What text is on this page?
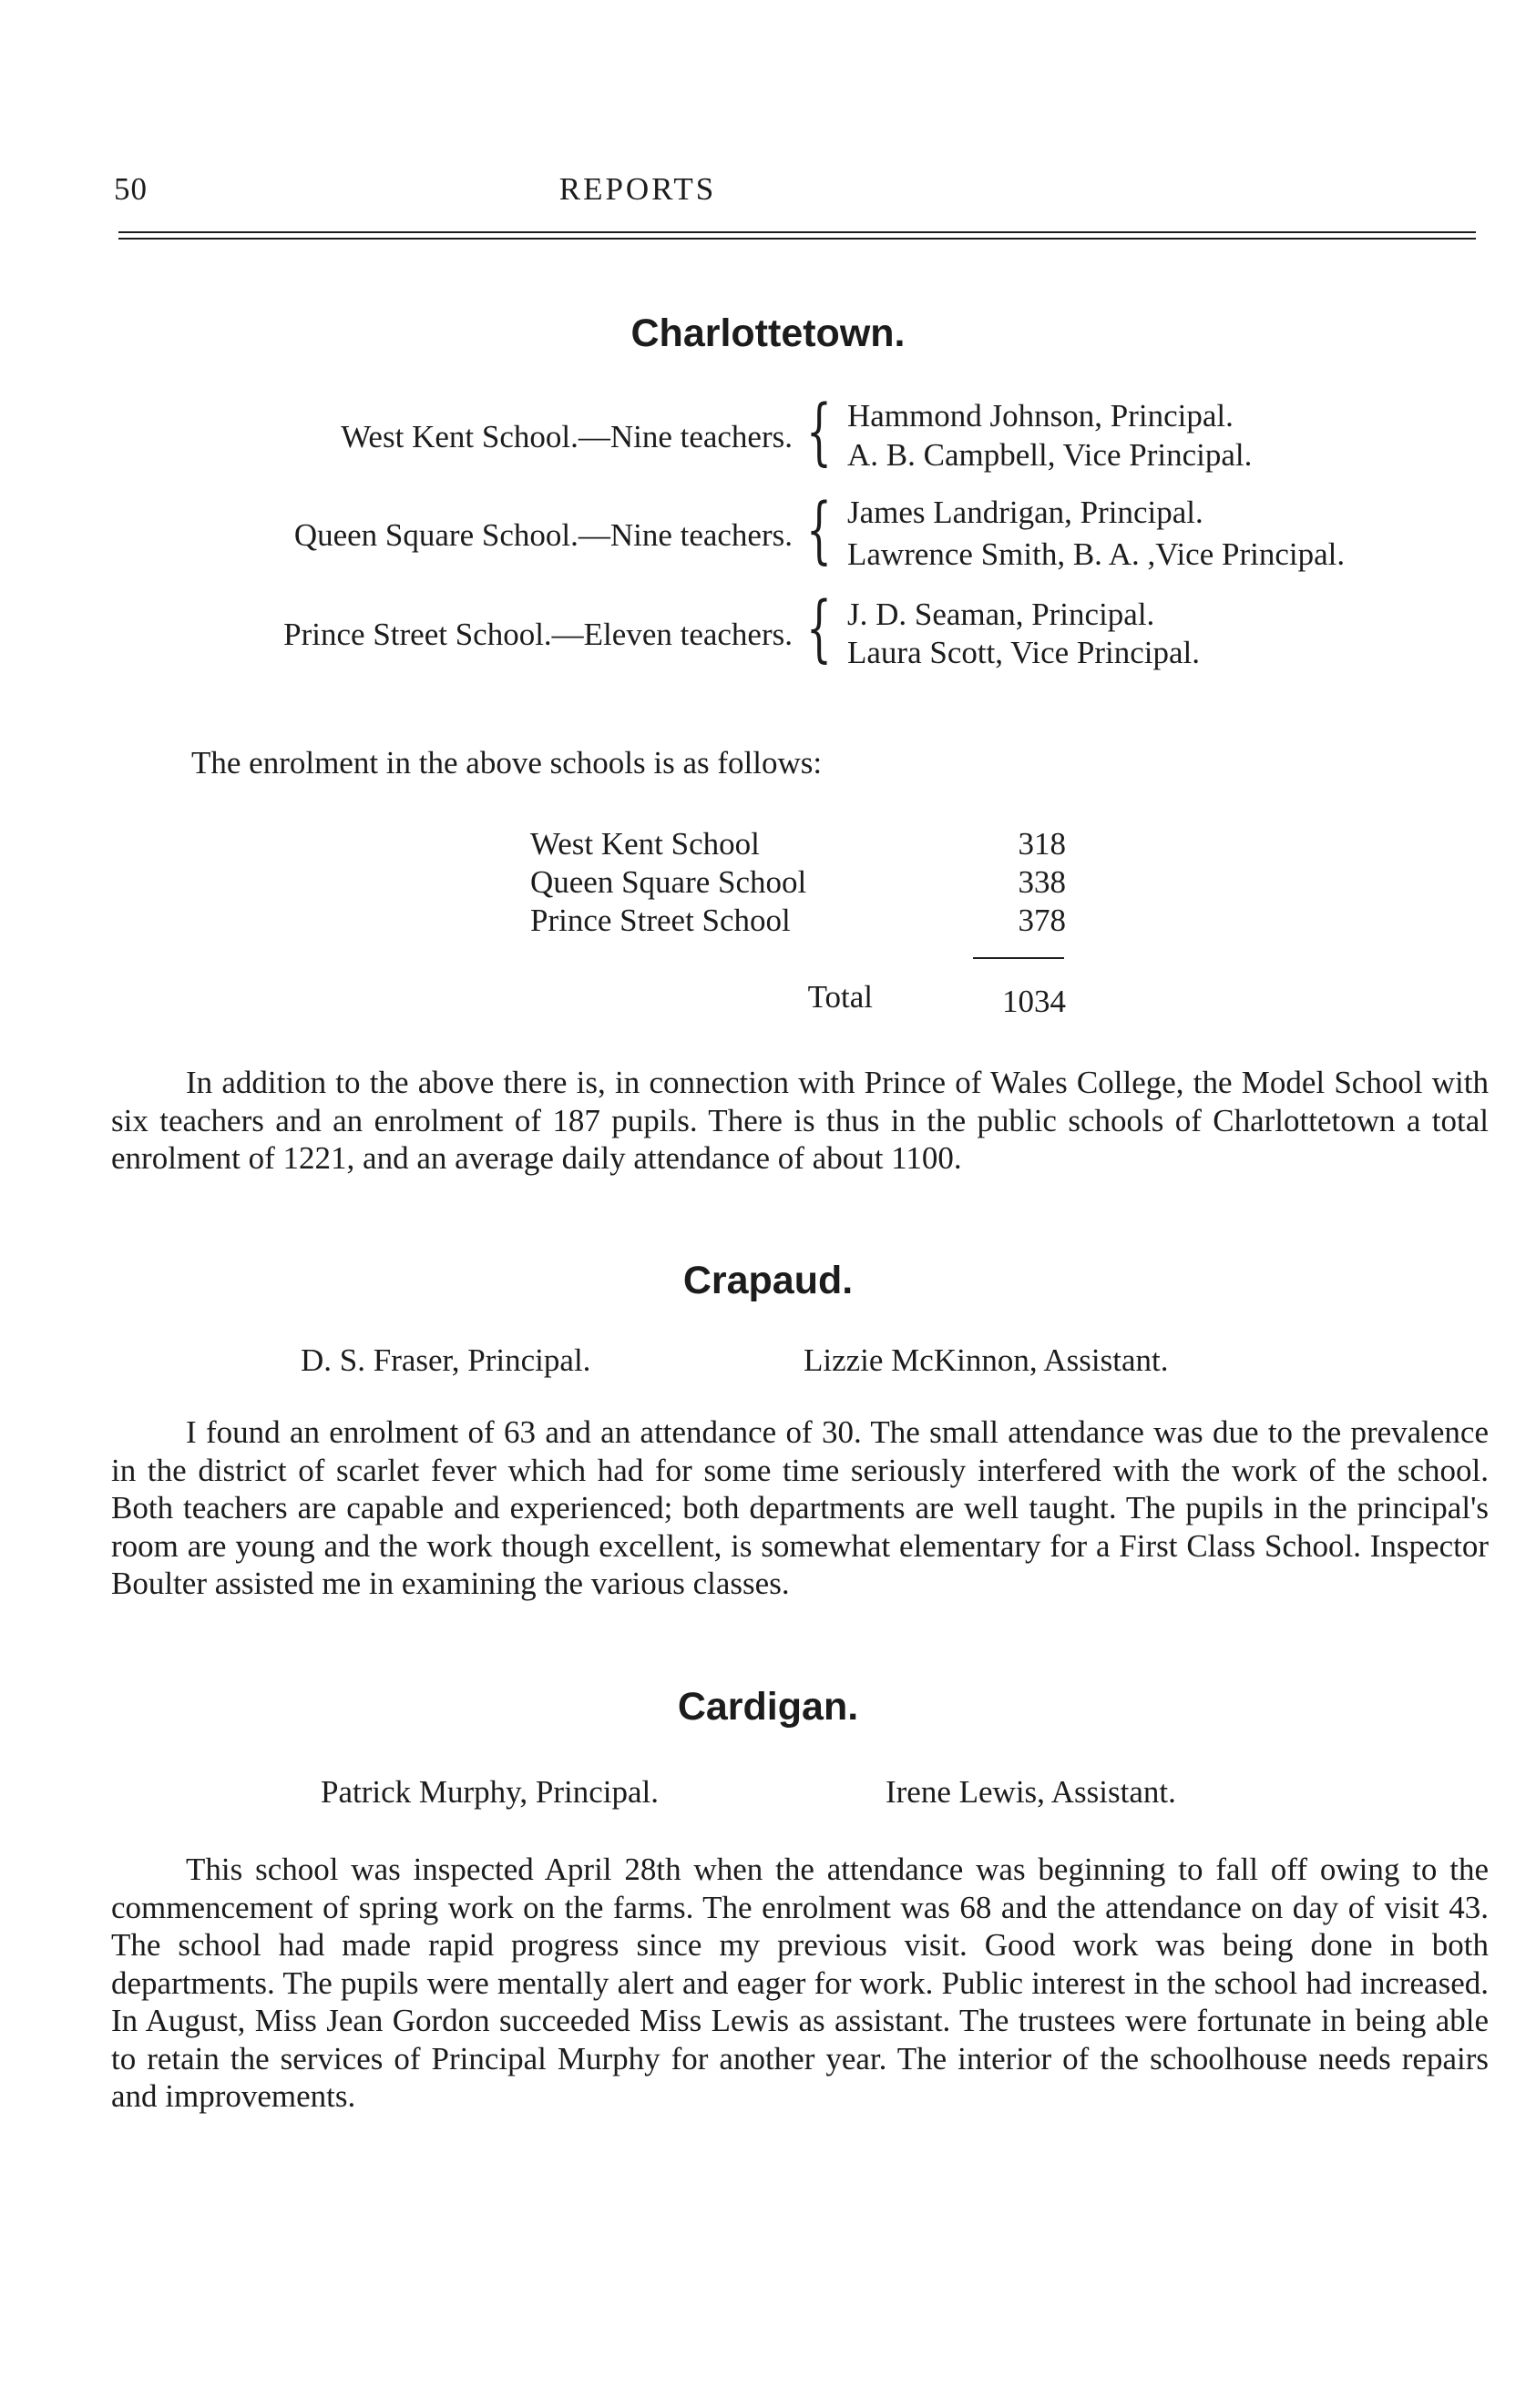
50	REPORTS
Charlottetown.
West Kent School.—Nine teachers. { Hammond Johnson, Principal.
A. B. Campbell, Vice Principal.
Queen Square School.—Nine teachers. { James Landrigan, Principal.
Lawrence Smith, B. A. ,Vice Principal.
Prince Street School.—Eleven teachers. { J. D. Seaman, Principal.
Laura Scott, Vice Principal.
The enrolment in the above schools is as follows:
West Kent School	318
Queen Square School	338
Prince Street School	378
Total	1034

In addition to the above there is, in connection with Prince of Wales College, the Model School with six teachers and an enrolment of 187 pupils. There is thus in the public schools of Charlottetown a total enrolment of 1221, and an average daily attendance of about 1100.

Crapaud.
D. S. Fraser, Principal.	Lizzie McKinnon, Assistant.

I found an enrolment of 63 and an attendance of 30. The small attendance was due to the prevalence in the district of scarlet fever which had for some time seriously interfered with the work of the school. Both teachers are capable and experienced; both departments are well taught. The pupils in the principal's room are young and the work though excellent, is somewhat elementary for a First Class School. Inspector Boulter assisted me in examining the various classes.

Cardigan.
Patrick Murphy, Principal.	Irene Lewis, Assistant.

This school was inspected April 28th when the attendance was beginning to fall off owing to the commencement of spring work on the farms. The enrolment was 68 and the attendance on day of visit 43. The school had made rapid progress since my previous visit. Good work was being done in both departments. The pupils were mentally alert and eager for work. Public interest in the school had increased. In August, Miss Jean Gordon succeeded Miss Lewis as assistant. The trustees were fortunate in being able to retain the services of Principal Murphy for another year. The interior of the schoolhouse needs repairs and improvements.
